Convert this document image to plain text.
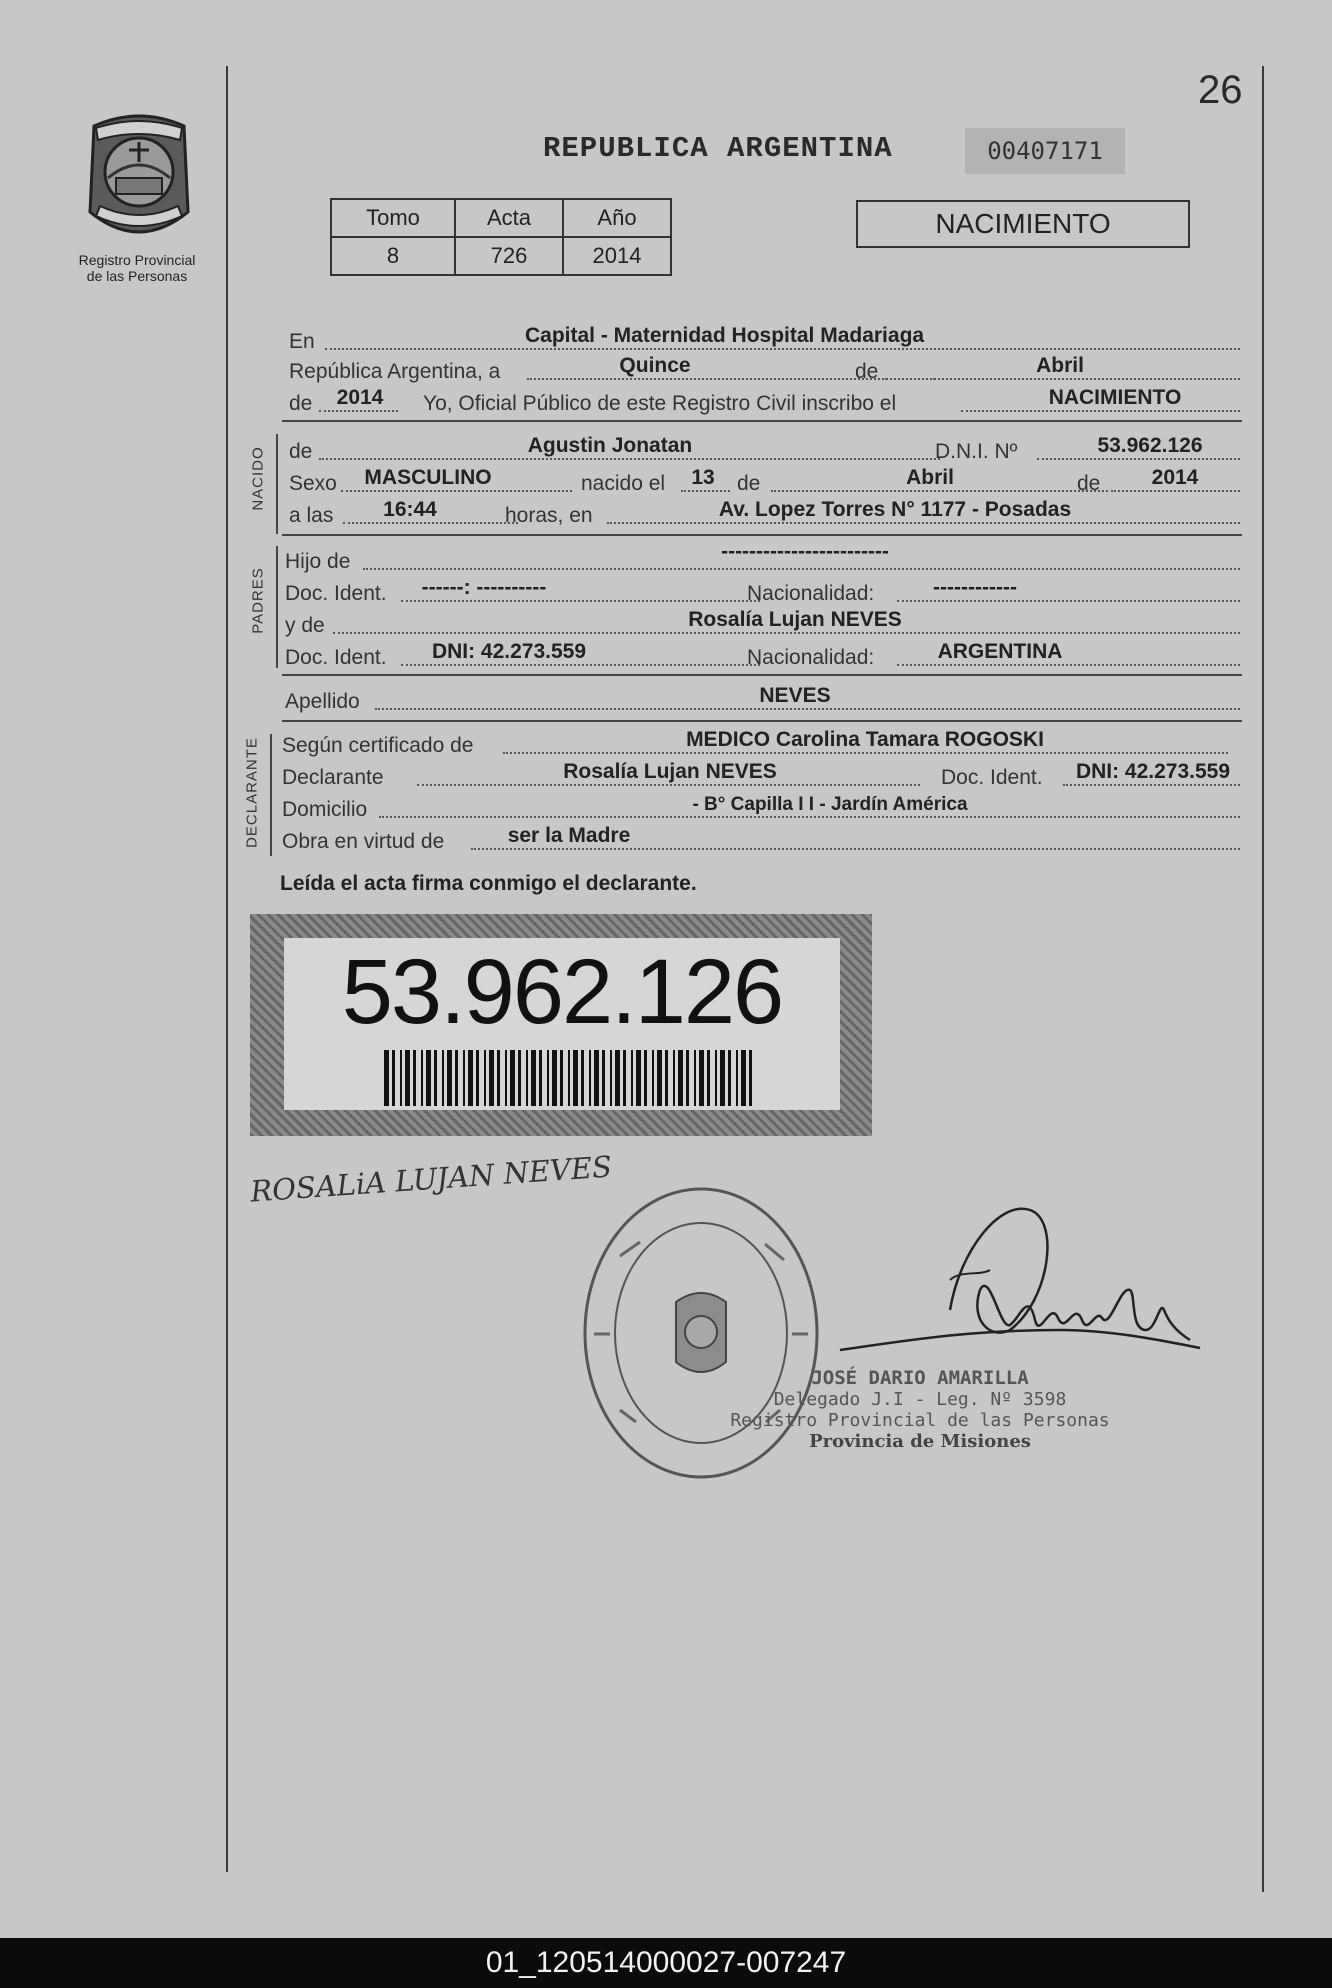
26
Registro Provincial
de las Personas
REPUBLICA ARGENTINA	00407171
Tomo	Acta	Año
8	726	2014
NACIMIENTO
En	Capital - Maternidad Hospital Madariaga
República Argentina, a	Quince	de	Abril
de	2014	Yo, Oficial Público de este Registro Civil inscribo el	NACIMIENTO
NACIDO de	Agustin Jonatan	D.N.I. Nº	53.962.126
Sexo	MASCULINO	nacido el	13	de	Abril	de	2014
a las	16:44	horas, en	Av. Lopez Torres N° 1177 - Posadas
PADRES
Hijo de	------------------------
Doc. Ident. ------: ----------	Nacionalidad:	------------
y de	Rosalía Lujan NEVES
Doc. Ident.	DNI: 42.273.559	Nacionalidad:	ARGENTINA
Apellido	NEVES
DECLARANTE Según certificado de	MEDICO Carolina Tamara ROGOSKI
Declarante	Rosalía Lujan NEVES	Doc. Ident.	DNI: 42.273.559
Domicilio	- B° Capilla I I - Jardín América
Obra en virtud de	ser la Madre
Leída el acta firma conmigo el declarante.
53.962.126
ROSALiA LUJAN NEVES
JOSÉ DARIO AMARILLA
Delegado J.I - Leg. Nº 3598
Registro Provincial de las Personas
Provincia de Misiones
01_120514000027-007247
